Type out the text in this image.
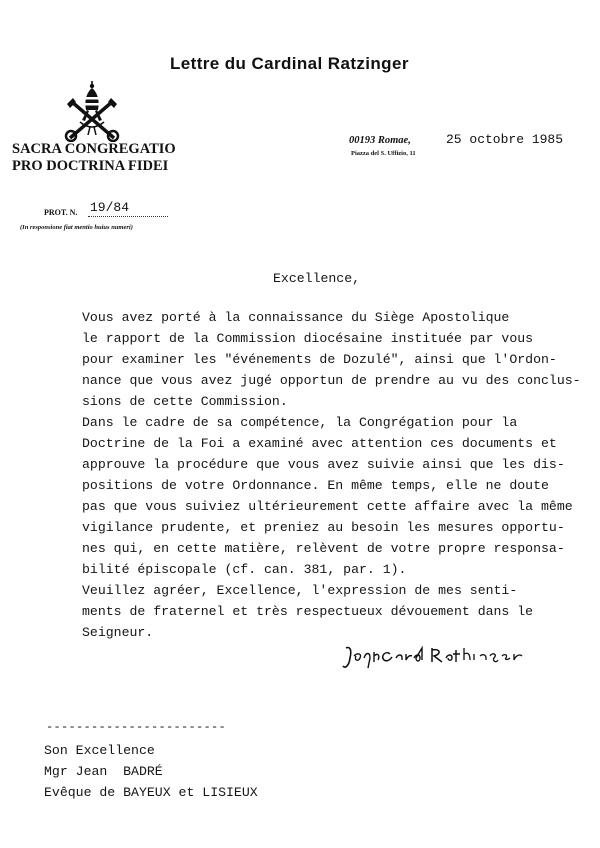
Lettre du Cardinal Ratzinger
SACRA CONGREGATIO
PRO DOCTRINA FIDEI
00193 Romae,	25 octobre 1985
Piazza del S. Uffizio, 11
PROT. N. 19/84
(In responsione fiat mentio huius numeri)
Excellence,
Vous avez porté à la connaissance du Siège Apostolique
le rapport de la Commission diocésaine instituée par vous
pour examiner les "événements de Dozulé", ainsi que l'Ordon-
nance que vous avez jugé opportun de prendre au vu des conclus-
sions de cette Commission.
Dans le cadre de sa compétence, la Congrégation pour la
Doctrine de la Foi a examiné avec attention ces documents et
approuve la procédure que vous avez suivie ainsi que les dis-
positions de votre Ordonnance. En même temps, elle ne doute
pas que vous suiviez ultérieurement cette affaire avec la même
vigilance prudente, et preniez au besoin les mesures opportu-
nes qui, en cette matière, relèvent de votre propre responsa-
bilité épiscopale (cf. can. 381, par. 1).
Veuillez agréer, Excellence, l'expression de mes senti-
ments de fraternel et très respectueux dévouement dans le
Seigneur.
------------------------
Son Excellence
Mgr Jean  BADRÉ
Evêque de BAYEUX et LISIEUX
